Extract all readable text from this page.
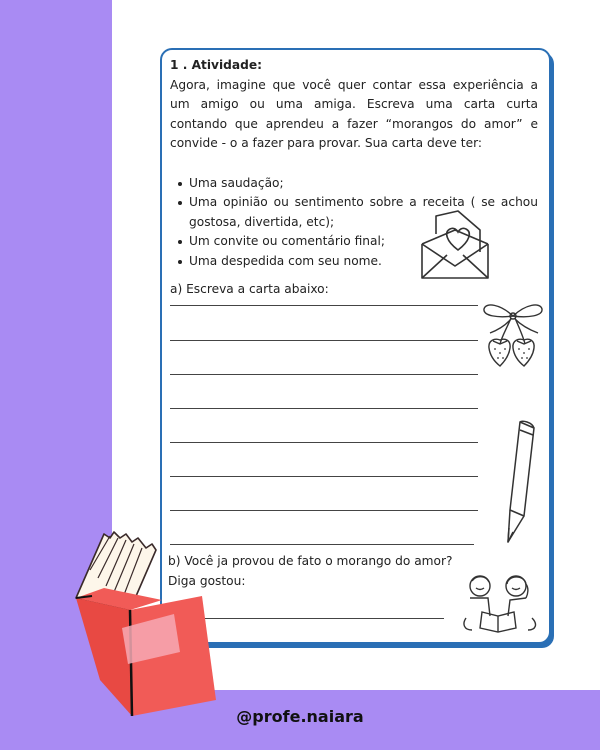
1 . Atividade:
Agora, imagine que você quer contar essa experiência a um amigo ou uma amiga. Escreva uma carta curta contando que aprendeu a fazer “morangos do amor” e convide - o a fazer para provar. Sua carta deve ter:
Uma saudação;
Uma opinião ou sentimento sobre a receita ( se achou gostosa, divertida, etc);
Um convite ou comentário final;
Uma despedida com seu nome.
a) Escreva a carta abaixo:
b) Você ja provou de fato o morango do amor? Diga gostou:
@profe.naiara
